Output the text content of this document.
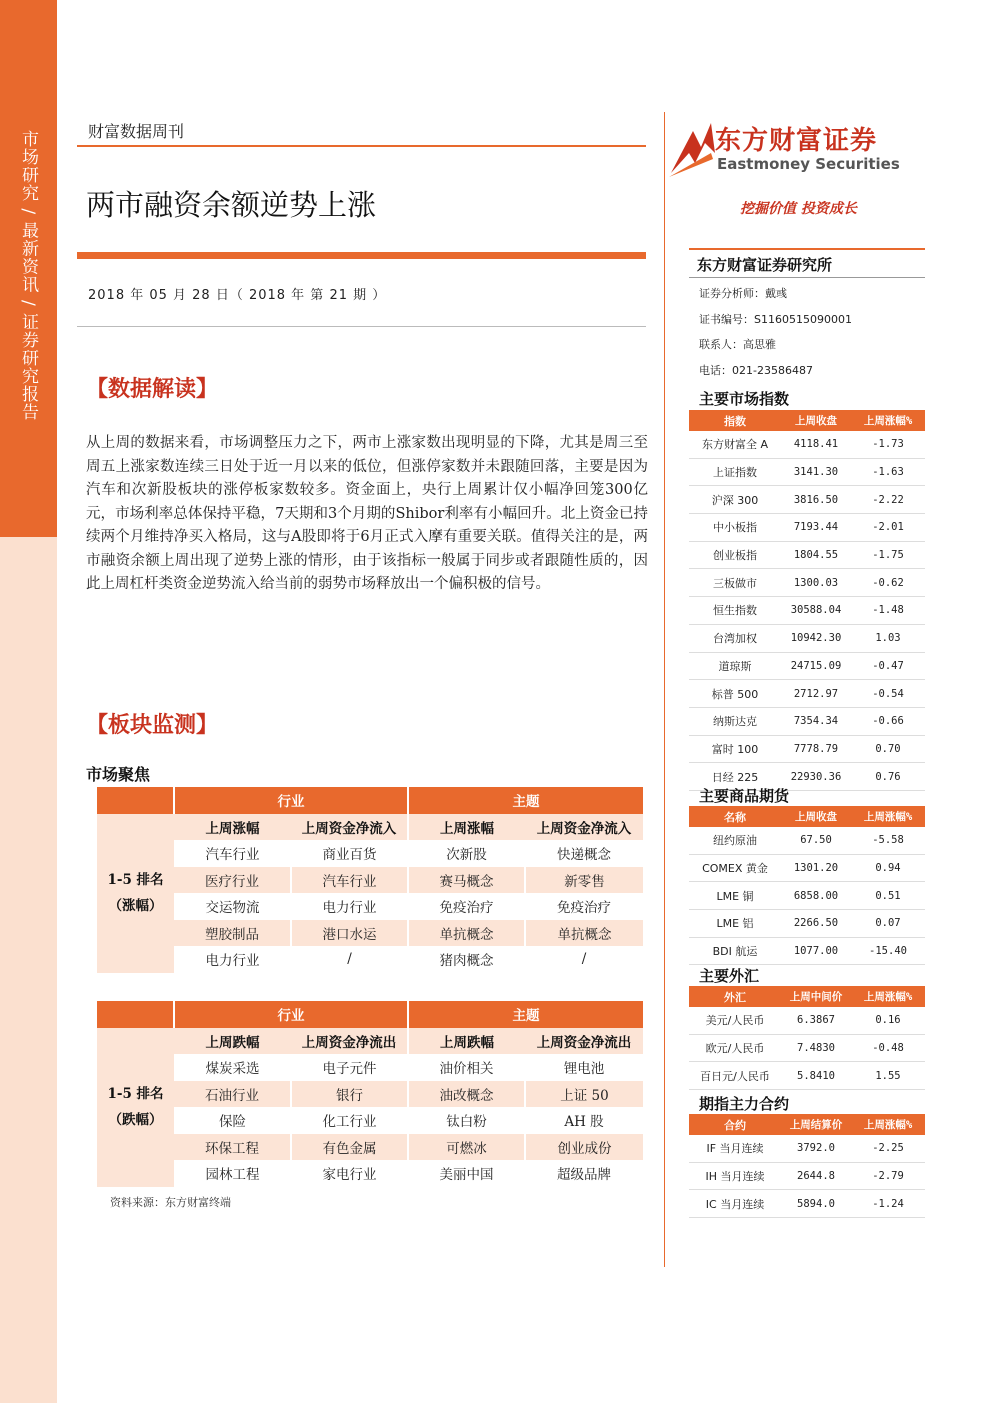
市场研究 / 最新资讯 / 证券研究报告	财富数据周刊
两市融资余额逆势上涨
2018 年 05 月 28 日（ 2018 年 第 21 期 ）
【数据解读】
从上周的数据来看，市场调整压力之下，两市上涨家数出现明显的下降，尤其是周三至周五上涨家数连续三日处于近一月以来的低位，但涨停家数并未跟随回落，主要是因为汽车和次新股板块的涨停板家数较多。资金面上，央行上周累计仅小幅净回笼300亿元，市场利率总体保持平稳，7天期和3个月期的Shibor利率有小幅回升。北上资金已持续两个月维持净买入格局，这与A股即将于6月正式入摩有重要关联。值得关注的是，两市融资余额上周出现了逆势上涨的情形，由于该指标一般属于同步或者跟随性质的，因此上周杠杆类资金逆势流入给当前的弱势市场释放出一个偏积极的信号。
【板块监测】
市场聚焦
	行业		主题	
1-5 排名
（涨幅）	上周涨幅	上周资金净流入	上周涨幅	上周资金净流入
	汽车行业	商业百货	次新股	快递概念
	医疗行业	汽车行业	赛马概念	新零售
	交运物流	电力行业	免疫治疗	免疫治疗
	塑胶制品	港口水运	单抗概念	单抗概念
	电力行业	/	猪肉概念	/
	行业		主题	
1-5 排名
（跌幅）	上周跌幅	上周资金净流出	上周跌幅	上周资金净流出
	煤炭采选	电子元件	油价相关	锂电池
	石油行业	银行	油改概念	上证 50
	保险	化工行业	钛白粉	AH 股
	环保工程	有色金属	可燃冰	创业成份
	园林工程	家电行业	美丽中国	超级品牌
资料来源：东方财富终端
东方财富证券
Eastmoney Securities
挖掘价值 投资成长
东方财富证券研究所
证券分析师：戴彧
证书编号：S1160515090001
联系人：高思雅
电话：021-23586487
主要市场指数
指数	上周收盘	上周涨幅%
东方财富全 A	4118.41	-1.73
上证指数	3141.30	-1.63
沪深 300	3816.50	-2.22
中小板指	7193.44	-2.01
创业板指	1804.55	-1.75
三板做市	1300.03	-0.62
恒生指数	30588.04	-1.48
台湾加权	10942.30	1.03
道琼斯	24715.09	-0.47
标普 500	2712.97	-0.54
纳斯达克	7354.34	-0.66
富时 100	7778.79	0.70
日经 225	22930.36	0.76
主要商品期货
名称	上周收盘	上周涨幅%
纽约原油	67.50	-5.58
COMEX 黄金	1301.20	0.94
LME 铜	6858.00	0.51
LME 铝	2266.50	0.07
BDI 航运	1077.00	-15.40
主要外汇
外汇	上周中间价	上周涨幅%
美元/人民币	6.3867	0.16
欧元/人民币	7.4830	-0.48
百日元/人民币	5.8410	1.55
期指主力合约
合约	上周结算价	上周涨幅%
IF 当月连续	3792.0	-2.25
IH 当月连续	2644.8	-2.79
IC 当月连续	5894.0	-1.24
